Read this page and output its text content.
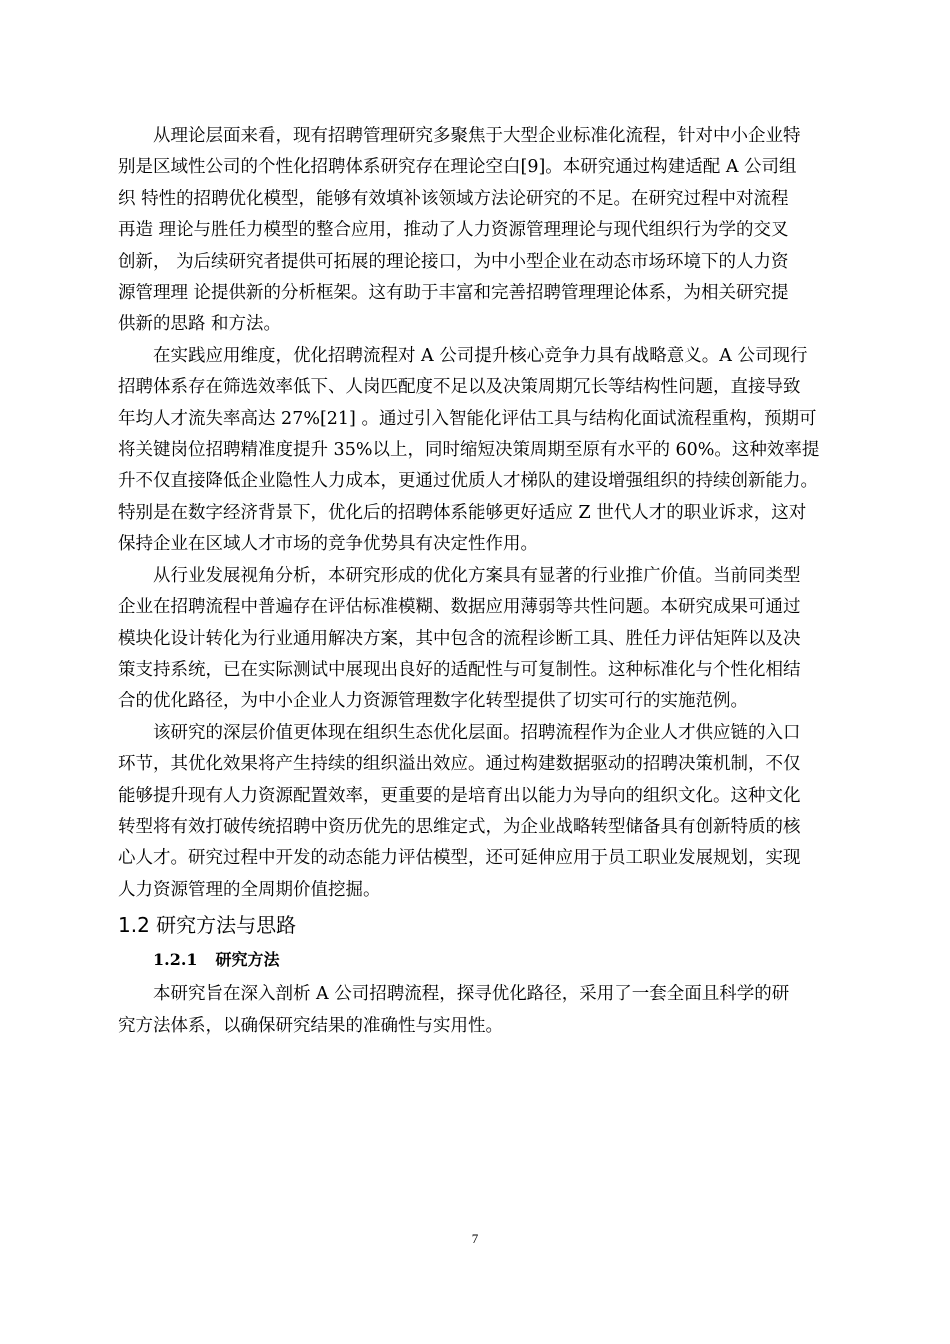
从理论层面来看，现有招聘管理研究多聚焦于大型企业标准化流程，针对中小企业特
别是区域性公司的个性化招聘体系研究存在理论空白[9]。本研究通过构建适配 A 公司组
织 特性的招聘优化模型，能够有效填补该领域方法论研究的不足。在研究过程中对流程
再造 理论与胜任力模型的整合应用，推动了人力资源管理理论与现代组织行为学的交叉
创新， 为后续研究者提供可拓展的理论接口，为中小型企业在动态市场环境下的人力资
源管理理 论提供新的分析框架。这有助于丰富和完善招聘管理理论体系，为相关研究提
供新的思路 和方法。
在实践应用维度，优化招聘流程对 A 公司提升核心竞争力具有战略意义。A 公司现行
招聘体系存在筛选效率低下、人岗匹配度不足以及决策周期冗长等结构性问题，直接导致
年均人才流失率高达 27%[21] 。通过引入智能化评估工具与结构化面试流程重构，预期可
将关键岗位招聘精准度提升 35%以上，同时缩短决策周期至原有水平的 60%。这种效率提
升不仅直接降低企业隐性人力成本，更通过优质人才梯队的建设增强组织的持续创新能力。
特别是在数字经济背景下，优化后的招聘体系能够更好适应 Z 世代人才的职业诉求，这对
保持企业在区域人才市场的竞争优势具有决定性作用。
从行业发展视角分析，本研究形成的优化方案具有显著的行业推广价值。当前同类型
企业在招聘流程中普遍存在评估标准模糊、数据应用薄弱等共性问题。本研究成果可通过
模块化设计转化为行业通用解决方案，其中包含的流程诊断工具、胜任力评估矩阵以及决
策支持系统，已在实际测试中展现出良好的适配性与可复制性。这种标准化与个性化相结
合的优化路径，为中小企业人力资源管理数字化转型提供了切实可行的实施范例。
该研究的深层价值更体现在组织生态优化层面。招聘流程作为企业人才供应链的入口
环节，其优化效果将产生持续的组织溢出效应。通过构建数据驱动的招聘决策机制，不仅
能够提升现有人力资源配置效率，更重要的是培育出以能力为导向的组织文化。这种文化
转型将有效打破传统招聘中资历优先的思维定式，为企业战略转型储备具有创新特质的核
心人才。研究过程中开发的动态能力评估模型，还可延伸应用于员工职业发展规划，实现
人力资源管理的全周期价值挖掘。
1.2 研究方法与思路
1.2.1 研究方法
本研究旨在深入剖析 A 公司招聘流程，探寻优化路径，采用了一套全面且科学的研
究方法体系，以确保研究结果的准确性与实用性。
7
